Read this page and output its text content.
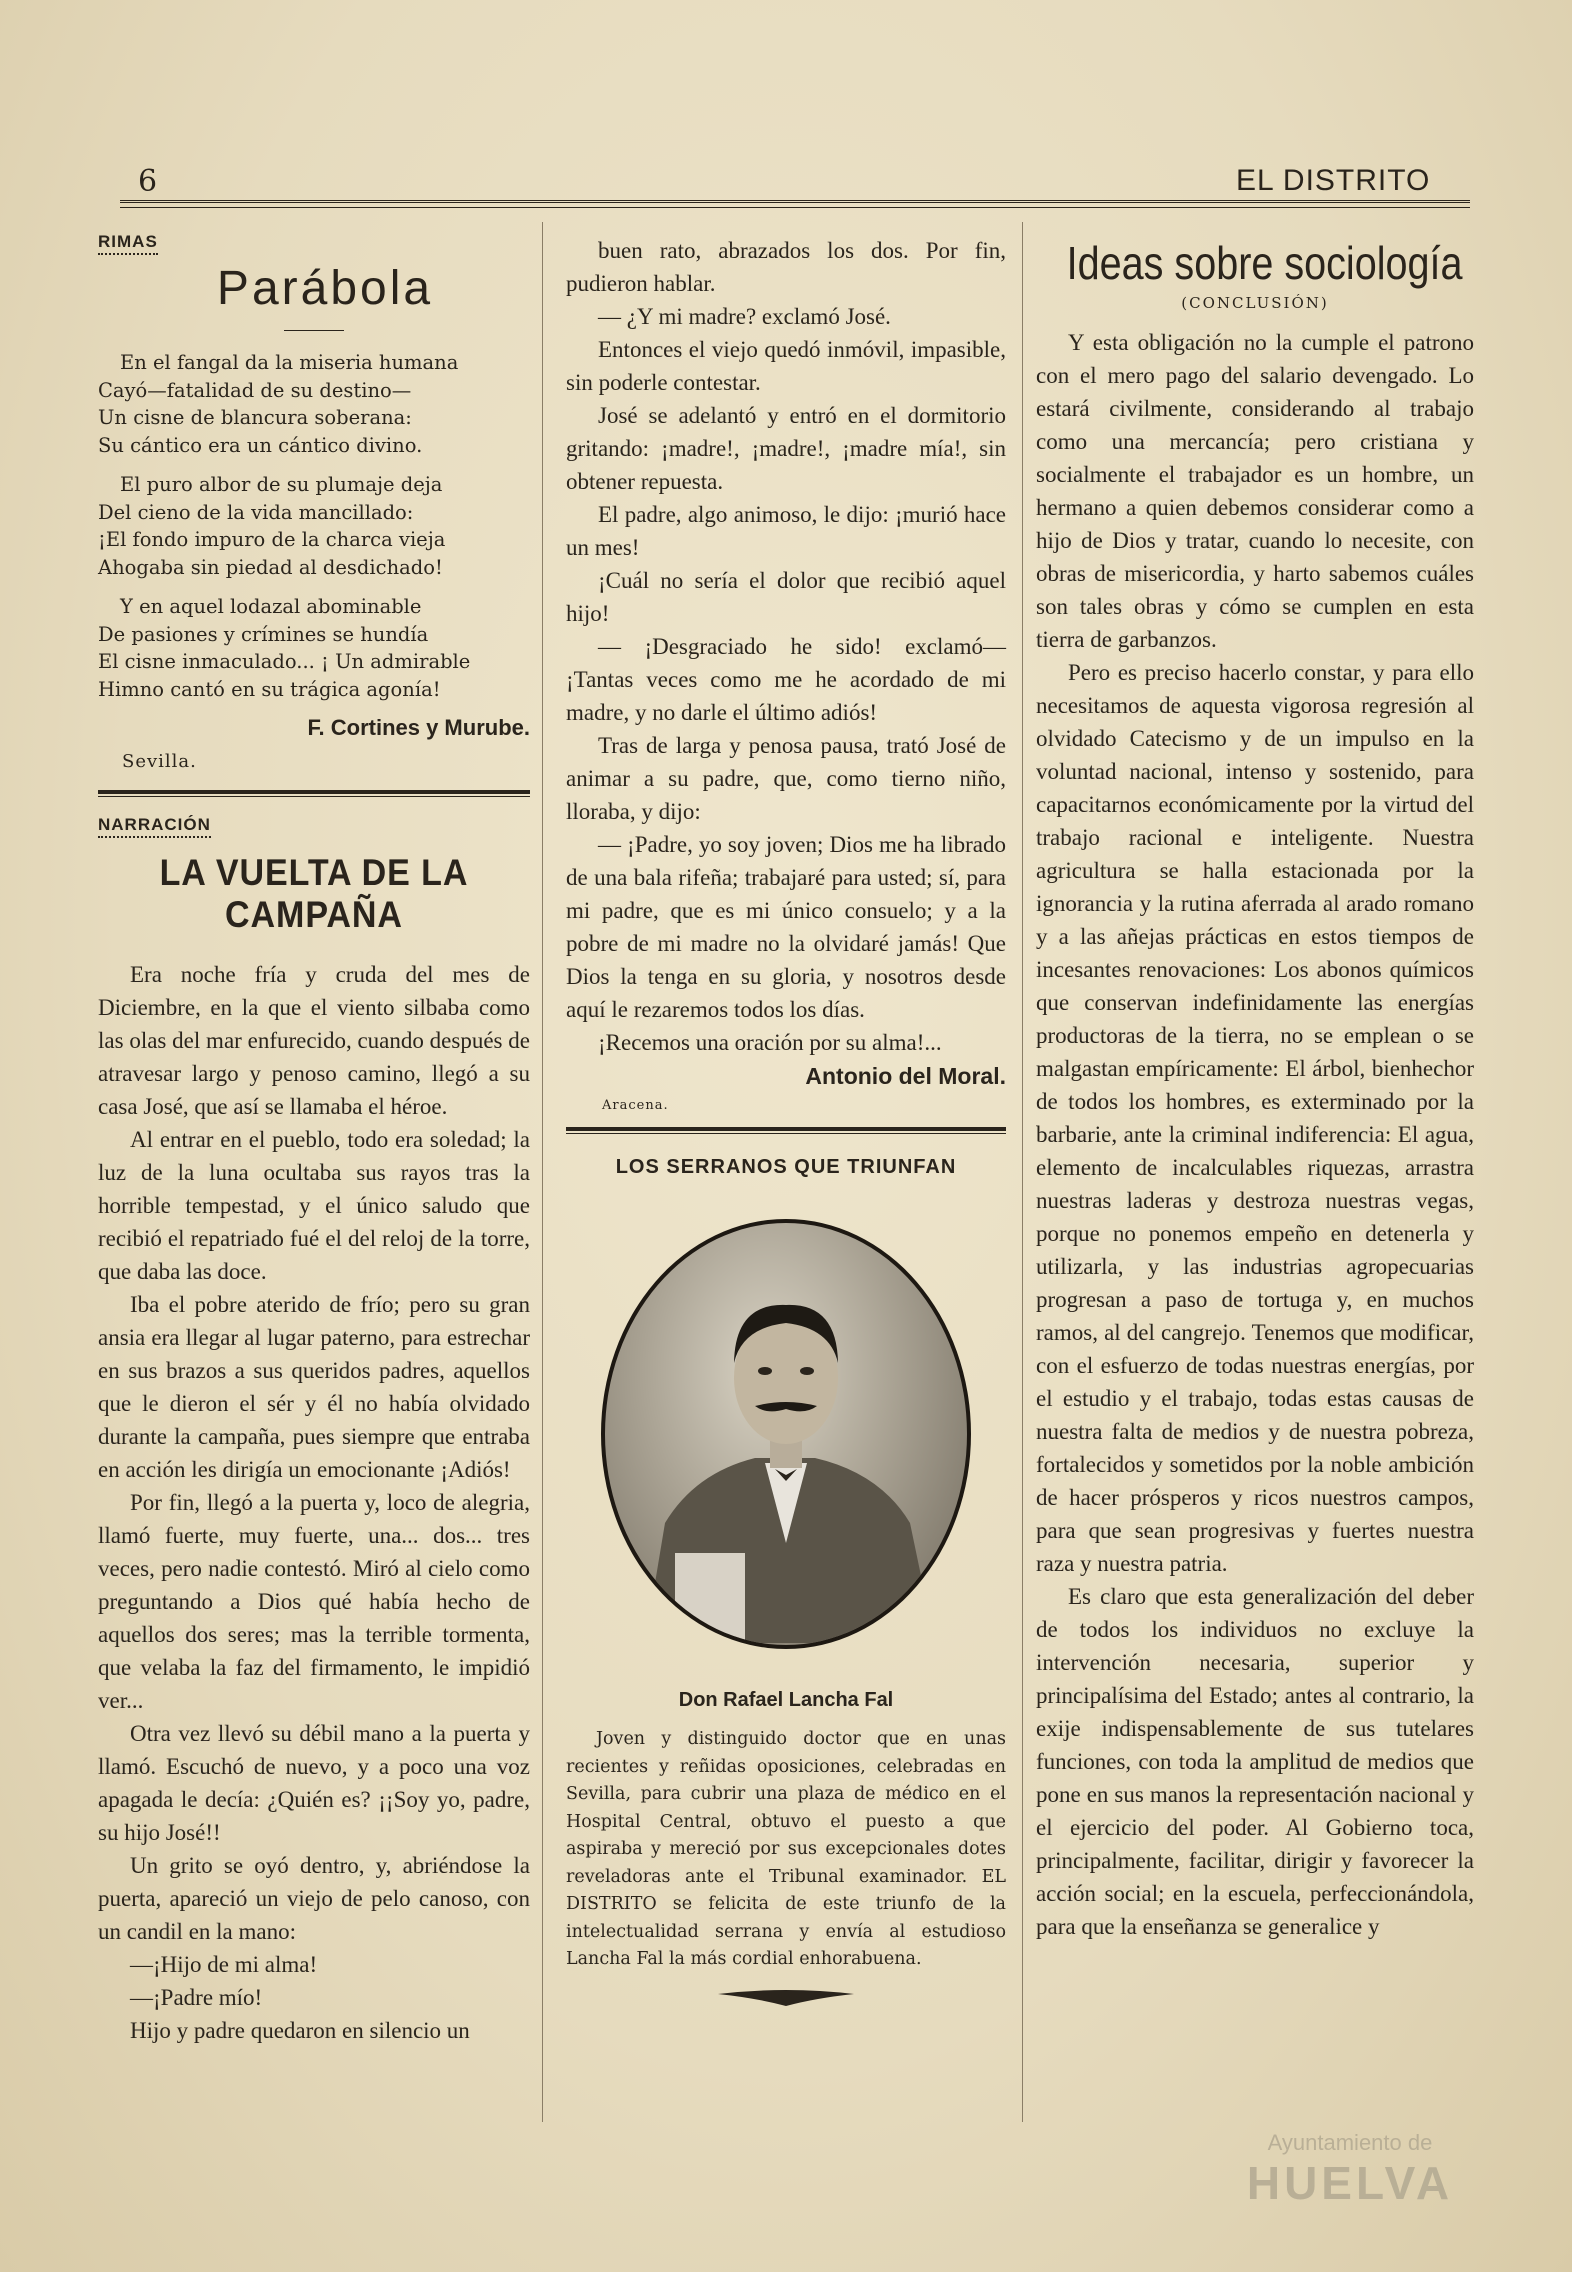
6	EL DISTRITO
RIMAS
Parábola
En el fangal da la miseria humana
Cayó—fatalidad de su destino—
Un cisne de blancura soberana:
Su cántico era un cántico divino.
El puro albor de su plumaje deja
Del cieno de la vida mancillado:
¡El fondo impuro de la charca vieja
Ahogaba sin piedad al desdichado!
Y en aquel lodazal abominable
De pasiones y crímines se hundía
El cisne inmaculado... ¡ Un admirable
Himno cantó en su trágica agonía!
F. Cortines y Murube.
Sevilla.
NARRACIÓN
LA VUELTA DE LA CAMPAÑA

Era noche fría y cruda del mes de Diciembre, en la que el viento silbaba como las olas del mar enfurecido, cuando después de atravesar largo y penoso camino, llegó a su casa José, que así se llamaba el héroe.

Al entrar en el pueblo, todo era soledad; la luz de la luna ocultaba sus rayos tras la horrible tempestad, y el único saludo que recibió el repatriado fué el del reloj de la torre, que daba las doce.

Iba el pobre aterido de frío; pero su gran ansia era llegar al lugar paterno, para estrechar en sus brazos a sus queridos padres, aquellos que le dieron el sér y él no había olvidado durante la campaña, pues siempre que entraba en acción les dirigía un emocionante ¡Adiós!

Por fin, llegó a la puerta y, loco de alegria, llamó fuerte, muy fuerte, una... dos... tres veces, pero nadie contestó. Miró al cielo como preguntando a Dios qué había hecho de aquellos dos seres; mas la terrible tormenta, que velaba la faz del firmamento, le impidió ver...

Otra vez llevó su débil mano a la puerta y llamó. Escuchó de nuevo, y a poco una voz apagada le decía: ¿Quién es? ¡¡Soy yo, padre, su hijo José!!

Un grito se oyó dentro, y, abriéndose la puerta, apareció un viejo de pelo canoso, con un candil en la mano:

—¡Hijo de mi alma!

—¡Padre mío!

Hijo y padre quedaron en silencio un

buen rato, abrazados los dos. Por fin, pudieron hablar.

— ¿Y mi madre? exclamó José.

Entonces el viejo quedó inmóvil, impasible, sin poderle contestar.

José se adelantó y entró en el dormitorio gritando: ¡madre!, ¡madre!, ¡madre mía!, sin obtener repuesta.

El padre, algo animoso, le dijo: ¡murió hace un mes!

¡Cuál no sería el dolor que recibió aquel hijo!

— ¡Desgraciado he sido! exclamó— ¡Tantas veces como me he acordado de mi madre, y no darle el último adiós!

Tras de larga y penosa pausa, trató José de animar a su padre, que, como tierno niño, lloraba, y dijo:

— ¡Padre, yo soy joven; Dios me ha librado de una bala rifeña; trabajaré para usted; sí, para mi padre, que es mi único consuelo; y a la pobre de mi madre no la olvidaré jamás! Que Dios la tenga en su gloria, y nosotros desde aquí le rezaremos todos los días.

¡Recemos una oración por su alma!...

Antonio del Moral.
Aracena.
LOS SERRANOS QUE TRIUNFAN
Don Rafael Lancha Fal
Joven y distinguido doctor que en unas recientes y reñidas oposiciones, celebradas en Sevilla, para cubrir una plaza de médico en el Hospital Central, obtuvo el puesto a que aspiraba y mereció por sus excepcionales dotes reveladoras ante el Tribunal examinador. EL DISTRITO se felicita de este triunfo de la intelectualidad serrana y envía al estudioso Lancha Fal la más cordial enhorabuena.
Ideas sobre sociología
(CONCLUSIÓN)

Y esta obligación no la cumple el patrono con el mero pago del salario devengado. Lo estará civilmente, considerando al trabajo como una mercancía; pero cristiana y socialmente el trabajador es un hombre, un hermano a quien debemos considerar como a hijo de Dios y tratar, cuando lo necesite, con obras de misericordia, y harto sabemos cuáles son tales obras y cómo se cumplen en esta tierra de garbanzos.

Pero es preciso hacerlo constar, y para ello necesitamos de aquesta vigorosa regresión al olvidado Catecismo y de un impulso en la voluntad nacional, intenso y sostenido, para capacitarnos económicamente por la virtud del trabajo racional e inteligente. Nuestra agricultura se halla estacionada por la ignorancia y la rutina aferrada al arado romano y a las añejas prácticas en estos tiempos de incesantes renovaciones: Los abonos químicos que conservan indefinidamente las energías productoras de la tierra, no se emplean o se malgastan empíricamente: El árbol, bienhechor de todos los hombres, es exterminado por la barbarie, ante la criminal indiferencia: El agua, elemento de incalculables riquezas, arrastra nuestras laderas y destroza nuestras vegas, porque no ponemos empeño en detenerla y utilizarla, y las industrias agropecuarias progresan a paso de tortuga y, en muchos ramos, al del cangrejo. Tenemos que modificar, con el esfuerzo de todas nuestras energías, por el estudio y el trabajo, todas estas causas de nuestra falta de medios y de nuestra pobreza, fortalecidos y sometidos por la noble ambición de hacer prósperos y ricos nuestros campos, para que sean progresivas y fuertes nuestra raza y nuestra patria.

Es claro que esta generalización del deber de todos los individuos no excluye la intervención necesaria, superior y principalísima del Estado; antes al contrario, la exije indispensablemente de sus tutelares funciones, con toda la amplitud de medios que pone en sus manos la representación nacional y el ejercicio del poder. Al Gobierno toca, principalmente, facilitar, dirigir y favorecer la acción social; en la escuela, perfeccionándola, para que la enseñanza se generalice y

Ayuntamiento de
HUELVA
